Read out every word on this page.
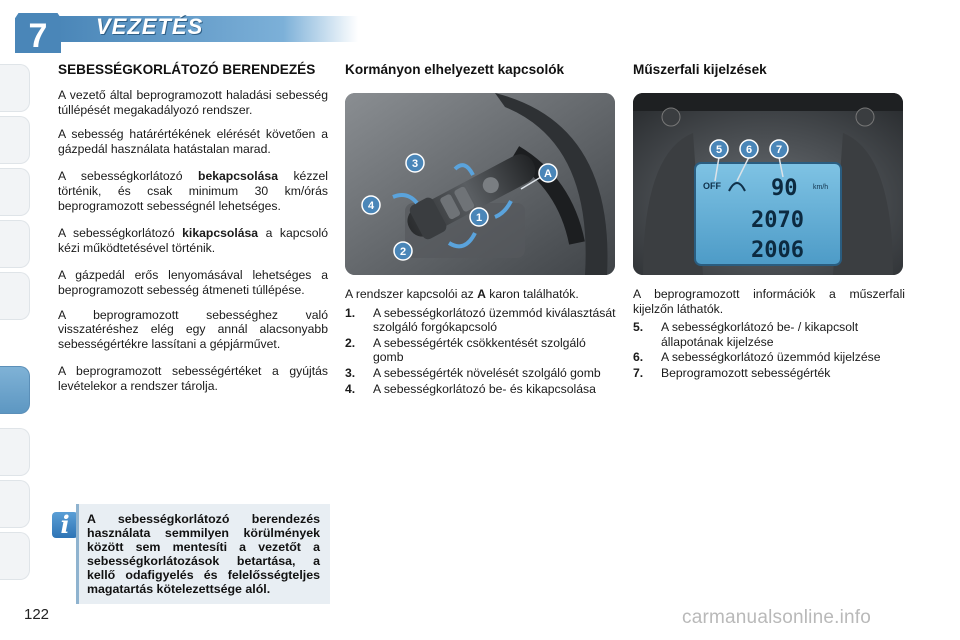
7 VEZETÉS
SEBESSÉGKORLÁTOZÓ BERENDEZÉS

A vezető által beprogramozott haladási sebesség túllépését megakadályozó rendszer.

A sebesség határértékének elérését követően a gázpedál használata hatástalan marad.

A sebességkorlátozó bekapcsolása kézzel történik, és csak minimum 30 km/órás beprogramozott sebességnél lehetséges.

A sebességkorlátozó kikapcsolása a kapcsoló kézi működtetésével történik.

A gázpedál erős lenyomásával lehetséges a beprogramozott sebesség átmeneti túllépése.

A beprogramozott sebességhez való visszatéréshez elég egy annál alacsonyabb sebességértékre lassítani a gépjárművet.

A beprogramozott sebességértéket a gyújtás levételekor a rendszer tárolja.

i	A sebességkorlátozó berendezés használata semmilyen körülmények között sem mentesíti a vezetőt a sebességkorlátozások betartása, a kellő odafigyelés és felelősségteljes magatartás kötelezettsége alól.

Kormányon elhelyezett kapcsolók
3
A
4
1
2

A rendszer kapcsolói az A karon találhatók.

1.	A sebességkorlátozó üzemmód kiválasztását szolgáló forgókapcsoló
2.	A sebességérték csökkentését szolgáló gomb
3.	A sebességérték növelését szolgáló gomb
4.	A sebességkorlátozó be- és kikapcsolása
Műszerfali kijelzések
OFF 90 km/h
2070
2006
5 6 7

A beprogramozott információk a műszerfali kijelzőn láthatók.

5.	A sebességkorlátozó be- / kikapcsolt állapotának kijelzése
6.	A sebességkorlátozó üzemmód kijelzése
7.	Beprogramozott sebességérték
122	carmanualsonline.info
